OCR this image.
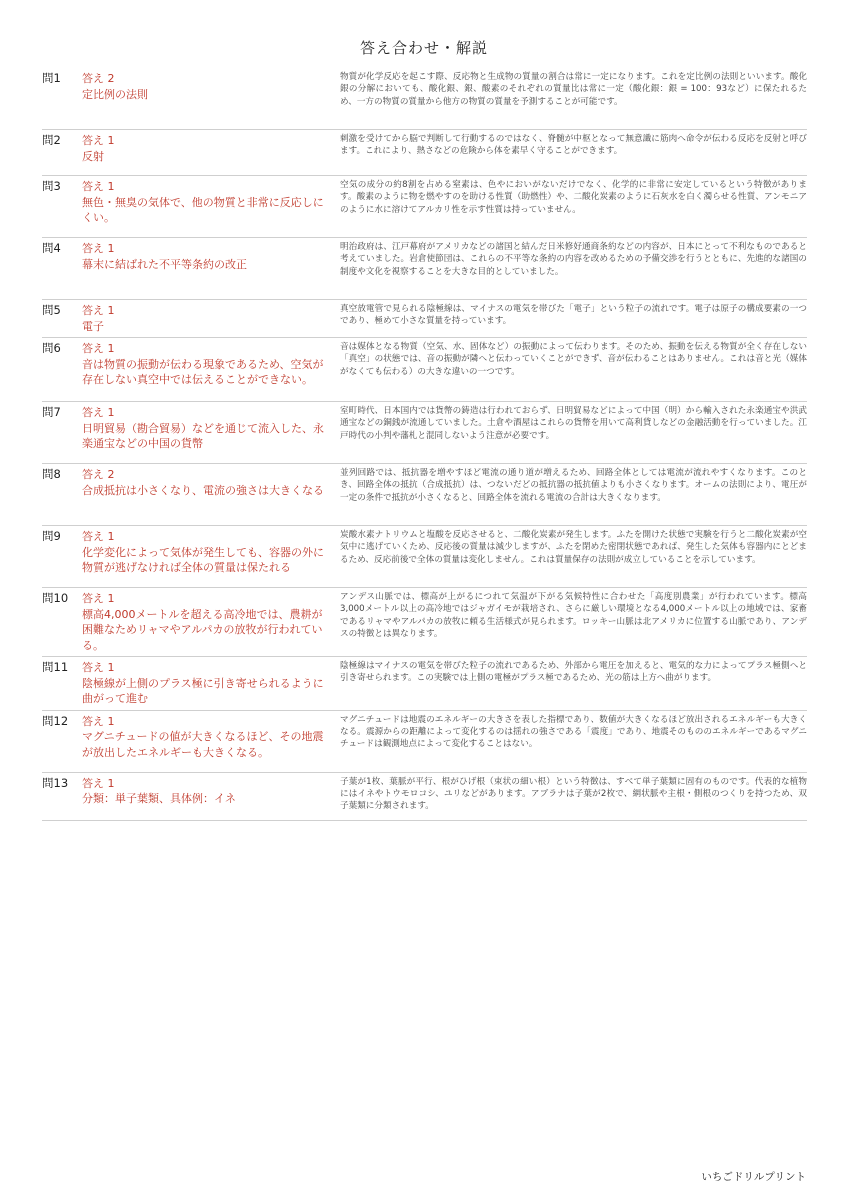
答え合わせ・解説
問1	答え 2
定比例の法則
物質が化学反応を起こす際、反応物と生成物の質量の割合は常に一定になります。これを定比例の法則といいます。酸化銀の分解においても、酸化銀、銀、酸素のそれぞれの質量比は常に一定（酸化銀：銀 = 100：93など）に保たれるため、一方の物質の質量から他方の物質の質量を予測することが可能です。
問2	答え 1
反射
刺激を受けてから脳で判断して行動するのではなく、脊髄が中枢となって無意識に筋肉へ命令が伝わる反応を反射と呼びます。これにより、熱さなどの危険から体を素早く守ることができます。
問3	答え 1
無色・無臭の気体で、他の物質と非常に反応しにくい。
空気の成分の約8割を占める窒素は、色やにおいがないだけでなく、化学的に非常に安定しているという特徴があります。酸素のように物を燃やすのを助ける性質（助燃性）や、二酸化炭素のように石灰水を白く濁らせる性質、アンモニアのように水に溶けてアルカリ性を示す性質は持っていません。
問4	答え 1
幕末に結ばれた不平等条約の改正
明治政府は、江戸幕府がアメリカなどの諸国と結んだ日米修好通商条約などの内容が、日本にとって不利なものであると考えていました。岩倉使節団は、これらの不平等な条約の内容を改めるための予備交渉を行うとともに、先進的な諸国の制度や文化を視察することを大きな目的としていました。
問5	答え 1
電子
真空放電管で見られる陰極線は、マイナスの電気を帯びた「電子」という粒子の流れです。電子は原子の構成要素の一つであり、極めて小さな質量を持っています。
問6	答え 1
音は物質の振動が伝わる現象であるため、空気が存在しない真空中では伝えることができない。
音は媒体となる物質（空気、水、固体など）の振動によって伝わります。そのため、振動を伝える物質が全く存在しない「真空」の状態では、音の振動が隣へと伝わっていくことができず、音が伝わることはありません。これは音と光（媒体がなくても伝わる）の大きな違いの一つです。
問7	答え 1
日明貿易（勘合貿易）などを通じて流入した、永楽通宝などの中国の貨幣
室町時代、日本国内では貨幣の鋳造は行われておらず、日明貿易などによって中国（明）から輸入された永楽通宝や洪武通宝などの銅銭が流通していました。土倉や酒屋はこれらの貨幣を用いて高利貸しなどの金融活動を行っていました。江戸時代の小判や藩札と混同しないよう注意が必要です。
問8	答え 2
合成抵抗は小さくなり、電流の強さは大きくなる
並列回路では、抵抗器を増やすほど電流の通り道が増えるため、回路全体としては電流が流れやすくなります。このとき、回路全体の抵抗（合成抵抗）は、つないだどの抵抗器の抵抗値よりも小さくなります。オームの法則により、電圧が一定の条件で抵抗が小さくなると、回路全体を流れる電流の合計は大きくなります。
問9	答え 1
化学変化によって気体が発生しても、容器の外に物質が逃げなければ全体の質量は保たれる
炭酸水素ナトリウムと塩酸を反応させると、二酸化炭素が発生します。ふたを開けた状態で実験を行うと二酸化炭素が空気中に逃げていくため、反応後の質量は減少しますが、ふたを閉めた密閉状態であれば、発生した気体も容器内にとどまるため、反応前後で全体の質量は変化しません。これは質量保存の法則が成立していることを示しています。
問10	答え 1
標高4,000メートルを超える高冷地では、農耕が困難なためリャマやアルパカの放牧が行われている。
アンデス山脈では、標高が上がるにつれて気温が下がる気候特性に合わせた「高度別農業」が行われています。標高3,000メートル以上の高冷地ではジャガイモが栽培され、さらに厳しい環境となる4,000メートル以上の地域では、家畜であるリャマやアルパカの放牧に頼る生活様式が見られます。ロッキー山脈は北アメリカに位置する山脈であり、アンデスの特徴とは異なります。
問11	答え 1
陰極線が上側のプラス極に引き寄せられるように曲がって進む
陰極線はマイナスの電気を帯びた粒子の流れであるため、外部から電圧を加えると、電気的な力によってプラス極側へと引き寄せられます。この実験では上側の電極がプラス極であるため、光の筋は上方へ曲がります。
問12	答え 1
マグニチュードの値が大きくなるほど、その地震が放出したエネルギーも大きくなる。
マグニチュードは地震のエネルギーの大きさを表した指標であり、数値が大きくなるほど放出されるエネルギーも大きくなる。震源からの距離によって変化するのは揺れの強さである「震度」であり、地震そのもののエネルギーであるマグニチュードは観測地点によって変化することはない。
問13	答え 1
分類：単子葉類、具体例：イネ
子葉が1枚、葉脈が平行、根がひげ根（束状の細い根）という特徴は、すべて単子葉類に固有のものです。代表的な植物にはイネやトウモロコシ、ユリなどがあります。アブラナは子葉が2枚で、網状脈や主根・側根のつくりを持つため、双子葉類に分類されます。
いちごドリルプリント
